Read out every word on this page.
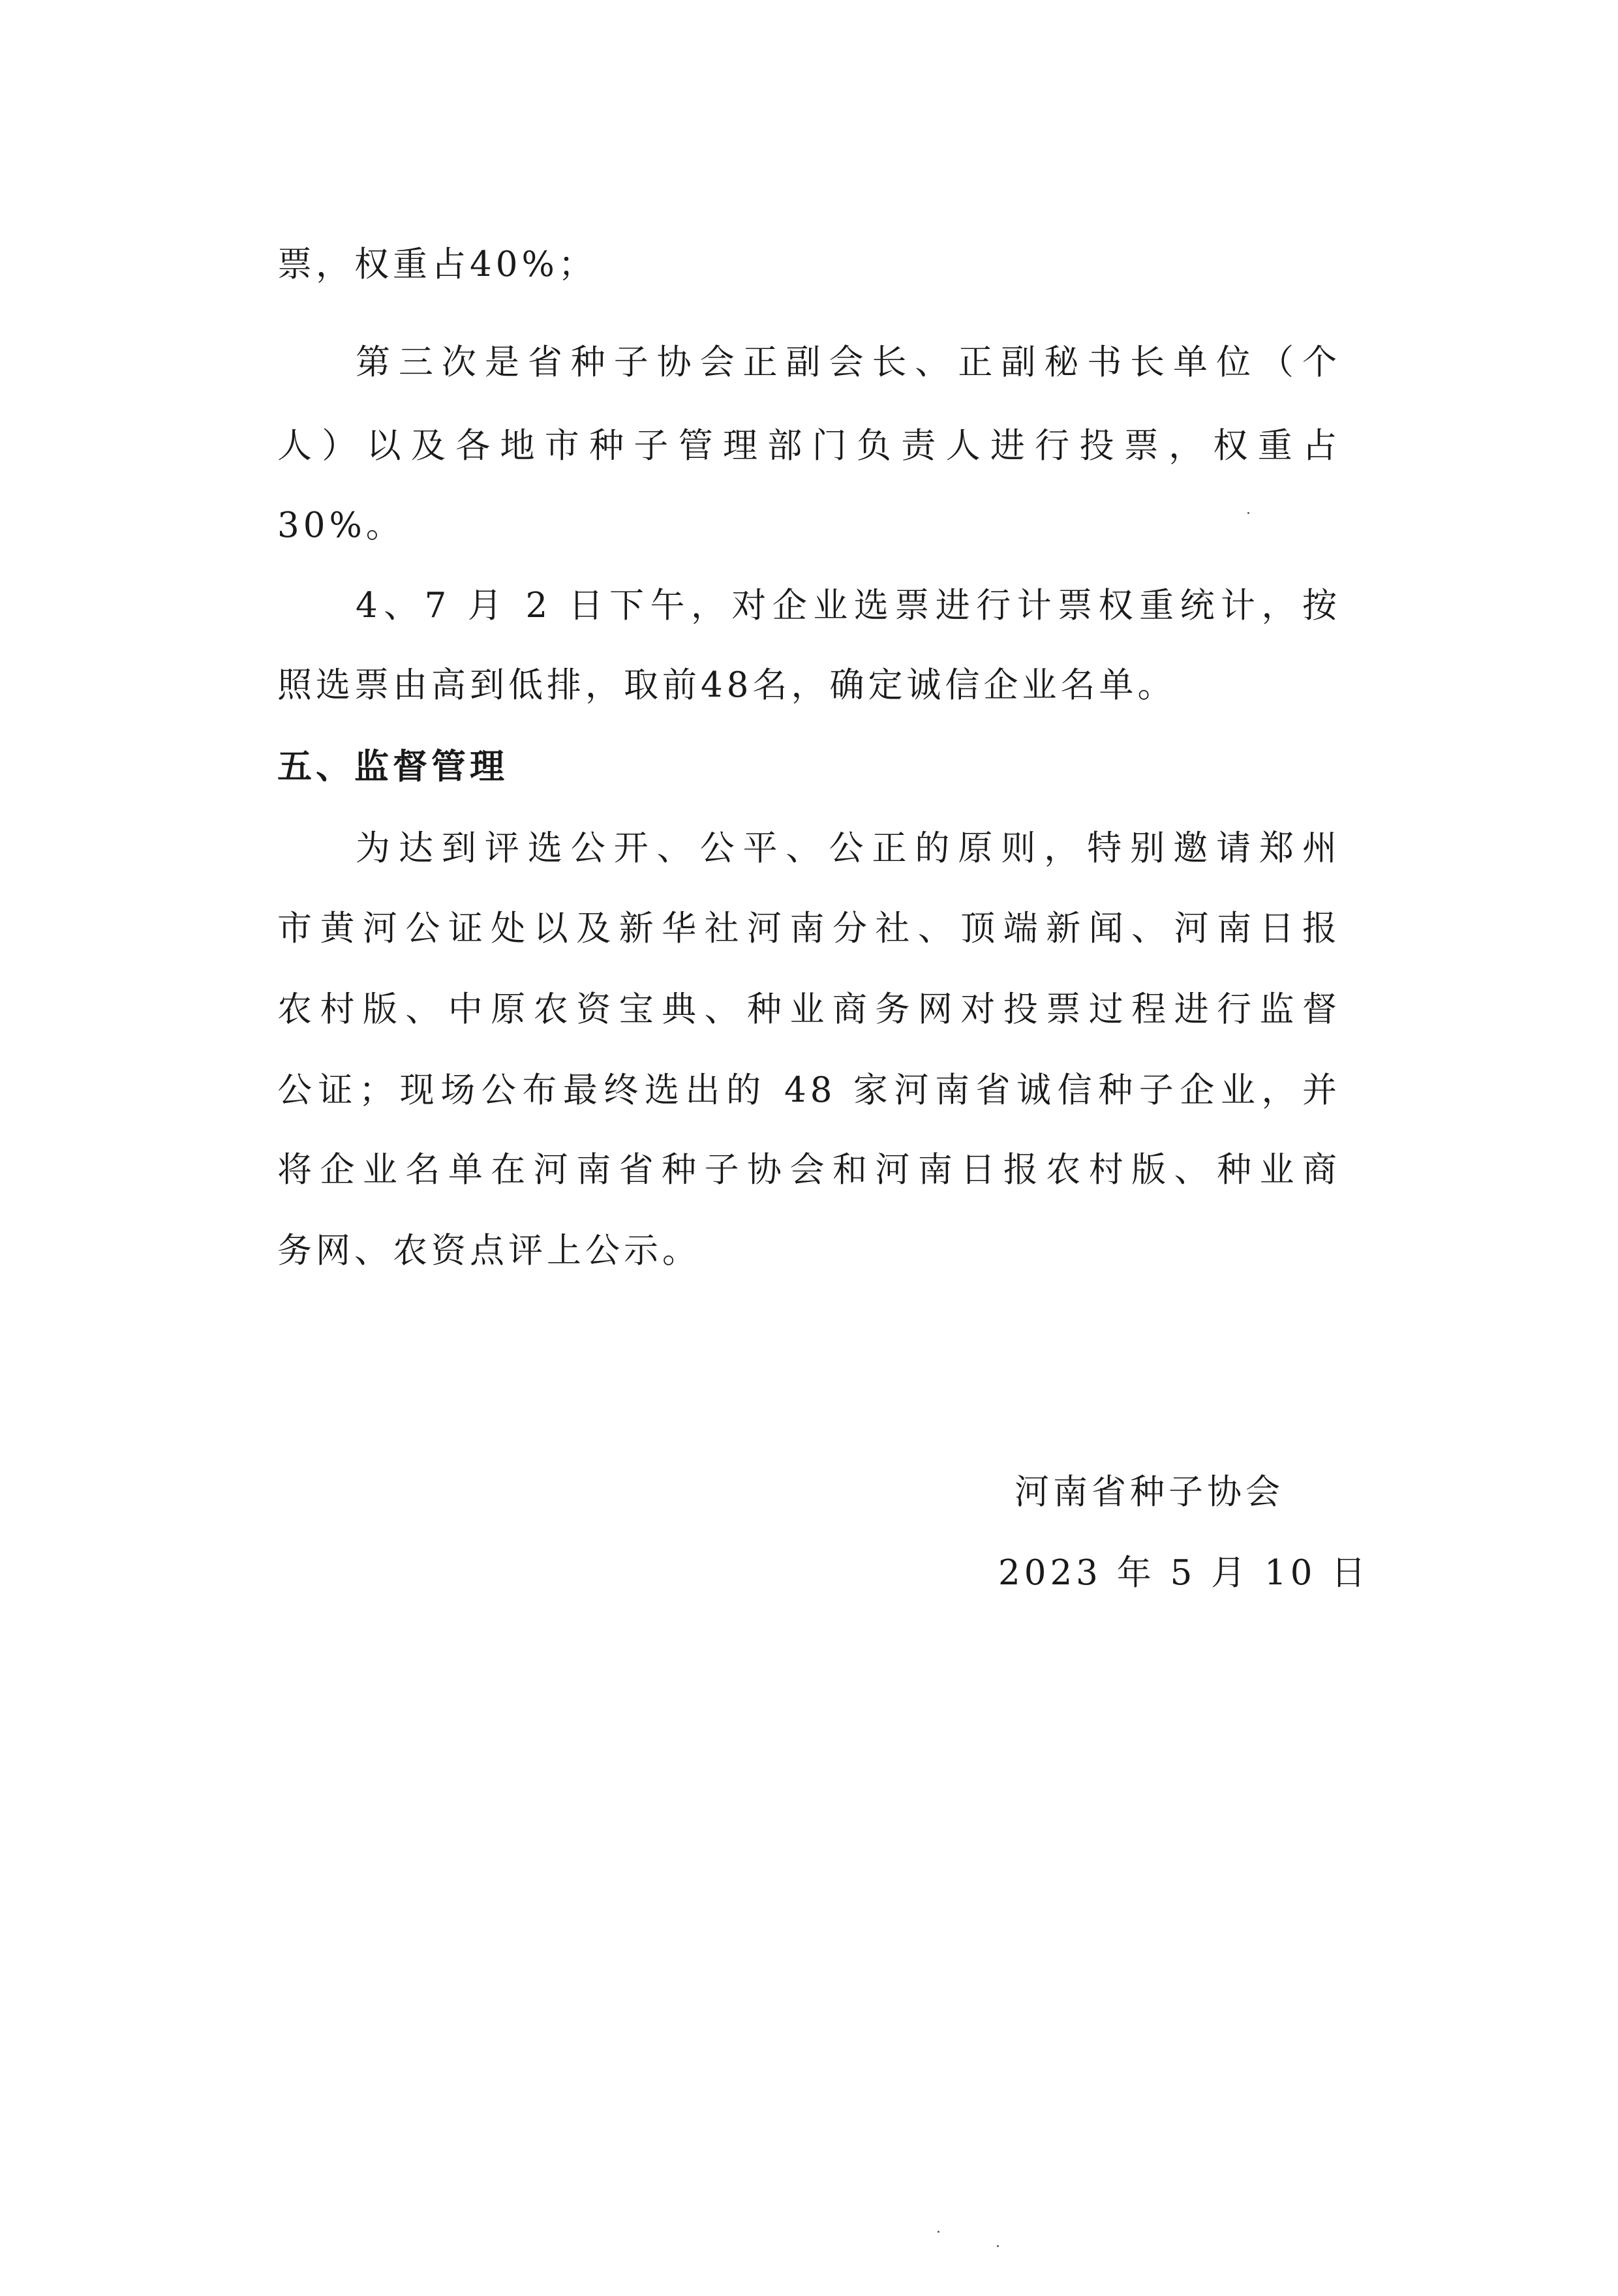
票，权重占40%；
第三次是省种子协会正副会长、正副秘书长单位（个
人）以及各地市种子管理部门负责人进行投票，权重占
30%。
4、7 月 2 日下午，对企业选票进行计票权重统计，按
照选票由高到低排，取前48名，确定诚信企业名单。
五、监督管理
为达到评选公开、公平、公正的原则，特别邀请郑州
市黄河公证处以及新华社河南分社、顶端新闻、河南日报
农村版、中原农资宝典、种业商务网对投票过程进行监督
公证；现场公布最终选出的 48 家河南省诚信种子企业，并
将企业名单在河南省种子协会和河南日报农村版、种业商
务网、农资点评上公示。
河南省种子协会
2023 年 5 月 10 日
